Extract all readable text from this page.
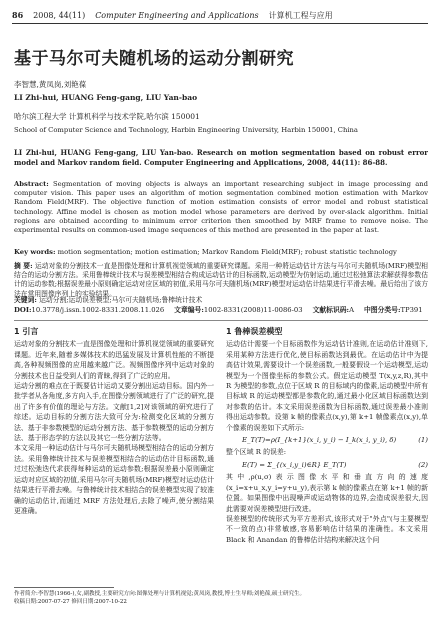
86 2008, 44(11) Computer Engineering and Applications 计算机工程与应用
基于马尔可夫随机场的运动分割研究
李智慧,黄凤岗,刘艳葆
LI Zhi-hui, HUANG Feng-gang, LIU Yan-bao
哈尔滨工程大学 计算机科学与技术学院,哈尔滨 150001
School of Computer Science and Technology, Harbin Engineering University, Harbin 150001, China
LI Zhi-hui, HUANG Feng-gang, LIU Yan-bao. Research on motion segmentation based on robust error model and Markov random field. Computer Engineering and Applications, 2008, 44(11): 86-88.
Abstract: Segmentation of moving objects is always an important researching subject in image processing and computer vision. This paper uses an algorithm of motion segmentation combined motion estimation with Markov Random Field(MRF). The objective function of motion estimation consists of error model and robust statistical technology. Affine model is chosen as motion model whose parameters are derived by over-slack algorithm. Initial regions are obtained according to minimum error criterion then smoothed by MRF frame to remove noise. The experimental results on common-used image sequences of this method are presented in the paper at last.
Key words: motion segmentation; motion estimation; Markov Random Field(MRF); robust statistic technology
摘 要: 运动对象的分割技术一直是图像处理和计算机视觉领域的重要研究课题。采用一种將运动估计方法与马尔可夫随机场(MRF)模型相结合的运动分割方法。采用鲁棒统计技术与误差模型相结合构成运动估计的目标函数,运动模型为仿射运动,通过过松弛算法求解获得参数估计的运动参数;根据误差最小原则确定运动对应区域的初值,采用马尔可夫随机场(MRF)模型对运动估计结果进行平滑去噪。最后给出了该方法在常用图像序列上的实验结果。
关键词: 运动分割;运动误差模型;马尔可夫随机场;鲁棒统计技术
DOI:10.3778/j.issn.1002-8331.2008.11.026 文章编号:1002-8331(2008)11-0086-03 文献标识码:A 中图分类号:TP391

1 引言

运动对象的分割技术一直是图像处理和计算机视觉领域的重要研究课题。近年来,随着多媒体技术的迅猛发展及计算机性能的不断提高,各种视频图像的应用越来越广泛。视频图像序列中运动对象的分割技术也日益受到人们的青睐,得到了广泛的应用。

运动分割的难点在于既要估计运动又要分割出运动目标。国内外一批学者从各角度,多方向入手,在图像分割领域进行了广泛的研究,提出了许多有价值的理论与方法。文献[1,2]对该领域的研究进行了综述。运动目标的分割方法大致可分为:检测变化区域的分割方法、基于非参数模型的运动分割方法、基于参数模型的运动分割方法、基于形态学的方法以及其它一些分割方法等。

本文采用一种运动估计与马尔可夫随机场模型相结合的运动分割方法。采用鲁棒统计技术与误差模型相结合的运动估计目标函数,通过过松弛迭代求获得每种运动的运动参数;根据误差最小原则确定运动对应区域的初值,采用马尔可夫随机场(MRF)模型对运动估计结果进行平滑去噪。与鲁棒统计技术相结合的误差模型实现了较准确的运动估计,而通过 MRF 方法处理后,去除了噪声,使分割结果更准确。

1 鲁棒误差模型

运动估计需要一个目标函数作为运动估计准则,在运动估计准则下,采用某种方法进行优化,使目标函数达到最优。在运动估计中为提高估计效果,需要设计一个误差函数,一般要假设一个运动模型,运动模型为一个图像坐标的参数公式。假定运动模型 T(x,y,z,R),其中 R 为模型的参数,点位于区域 R 的目标域内的像素,运动模型中所有目标域 R 的运动模型都是参数化的,通过最小化区域目标函数达到对参数的估计。本文采用误差函数为目标函数,通过误差最小准则得出运动参数。设第 k 帧的像素点(x,y),第 k+1 帧像素点(x,y),单个像素的误差如下式所示:

E_T(T)=ρ(I_{k+1}(x_i, y_i) − I_k(x_i, y_i), δ)	(1)

整个区域 R 的误差:

E(T) = Σ_{(x_i,y_i)∈R} E_T(T)	(2)

其中,ρ(u,σ)表示图像水平和垂直方向的速度(x_i=x+u_x,y_i=y+u_y),表示第 k 帧的像素点在第 k+1 帧的新位置。如果图像中出现噪声或运动物体的边界,会造成误差很大,因此需要对误差模型进行改进。

误差模型的传统形式为平方差形式,该形式对于"外点"(与主要模型不一致的点)非常敏感,容易影响估计结果的准确性。本文采用 Black 和 Anandan 的鲁棒估计结构来解决这个问

作者简介:李智慧(1966-),女,副教授,主要研究方向:图像处理与计算机视觉;黄凤岗,教授,博士生导师;刘艳葆,硕士研究生。
收稿日期:2007-07-27 修回日期:2007-10-22
